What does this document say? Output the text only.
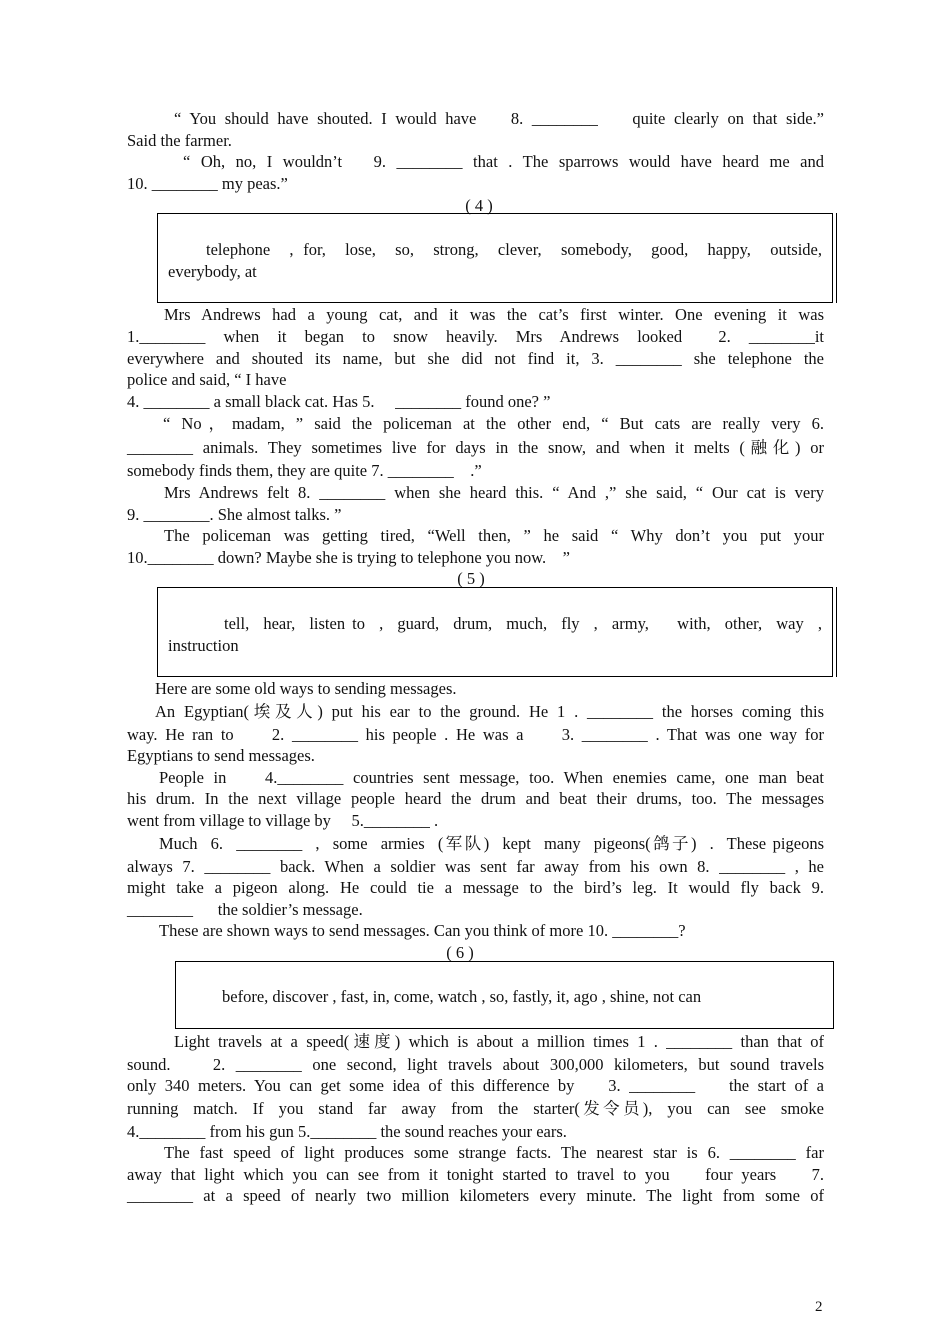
“ You should have shouted. I would have    8. ________    quite clearly on that side.”
Said the farmer.
“ Oh, no, I wouldn’t   9. ________ that . The sparrows would have heard me and
10. ________ my peas.”
( 4 )
telephone  , for,  lose,  so,  strong,  clever,  somebody,  good,  happy,  outside,
everybody, at
Mrs Andrews had a young cat, and it was the cat’s first winter. One evening it was
1.________  when  it  began  to  snow  heavily.  Mrs  Andrews  looked    2.  ________it
everywhere and shouted its name, but she did not find it, 3. ________ she telephone the
police and said, “ I have
4. ________ a small black cat. Has 5.     ________ found one? ”
“ No，madam, ” said the policeman at the other end, “ But cats are really very 6.
________ animals. They sometimes live for days in the snow, and when it melts (融化) or
somebody finds them, they are quite 7. ________    .”
Mrs Andrews felt 8. ________ when she heard this. “ And ,” she said, “ Our cat is very
9. ________. She almost talks. ”
The policeman was getting tired, “Well then, ” he said “ Why don’t you put your
10.________ down? Maybe she is trying to telephone you now.    ”
( 5 )
tell,  hear,  listen to  ,  guard,  drum,  much,  fly  ,  army,    with,  other,  way  ,
instruction
Here are some old ways to sending messages.
An Egyptian(埃及人) put his ear to the ground. He 1 . ________ the horses coming this
way. He ran to     2. ________ his people . He was a     3. ________ . That was one way for
Egyptians to send messages.
People in    4.________ countries sent message, too. When enemies came, one man beat
his drum. In the next village people heard the drum and beat their drums, too. The messages
went from village to village by     5.________ .
Much  6.  ________  ,  some  armies  (军队)  kept  many  pigeons(鸽子)  .  These pigeons
always 7. ________ back. When a soldier was sent far away from his own 8. ________ , he
might take a pigeon along. He could tie a message to the bird’s leg. It would fly back 9.
________      the soldier’s message.
These are shown ways to send messages. Can you think of more 10. ________?
( 6 )
before, discover , fast, in, come, watch , so, fastly, it, ago , shine, not can
Light travels at a speed(速度) which is about a million times 1 . ________ than that of
sound.    2. ________ one second, light travels about 300,000 kilometers, but sound travels
only 340 meters. You can get some idea of this difference by    3. ________    the start of a
running  match.  If  you  stand  far  away  from  the  starter(发令员),  you  can  see  smoke
4.________ from his gun 5.________ the sound reaches your ears.
The fast speed of light produces some strange facts. The nearest star is 6. ________ far
away that light which you can see from it tonight started to travel to you    four years    7.
________ at a speed of nearly two million kilometers every minute. The light from some of
2
